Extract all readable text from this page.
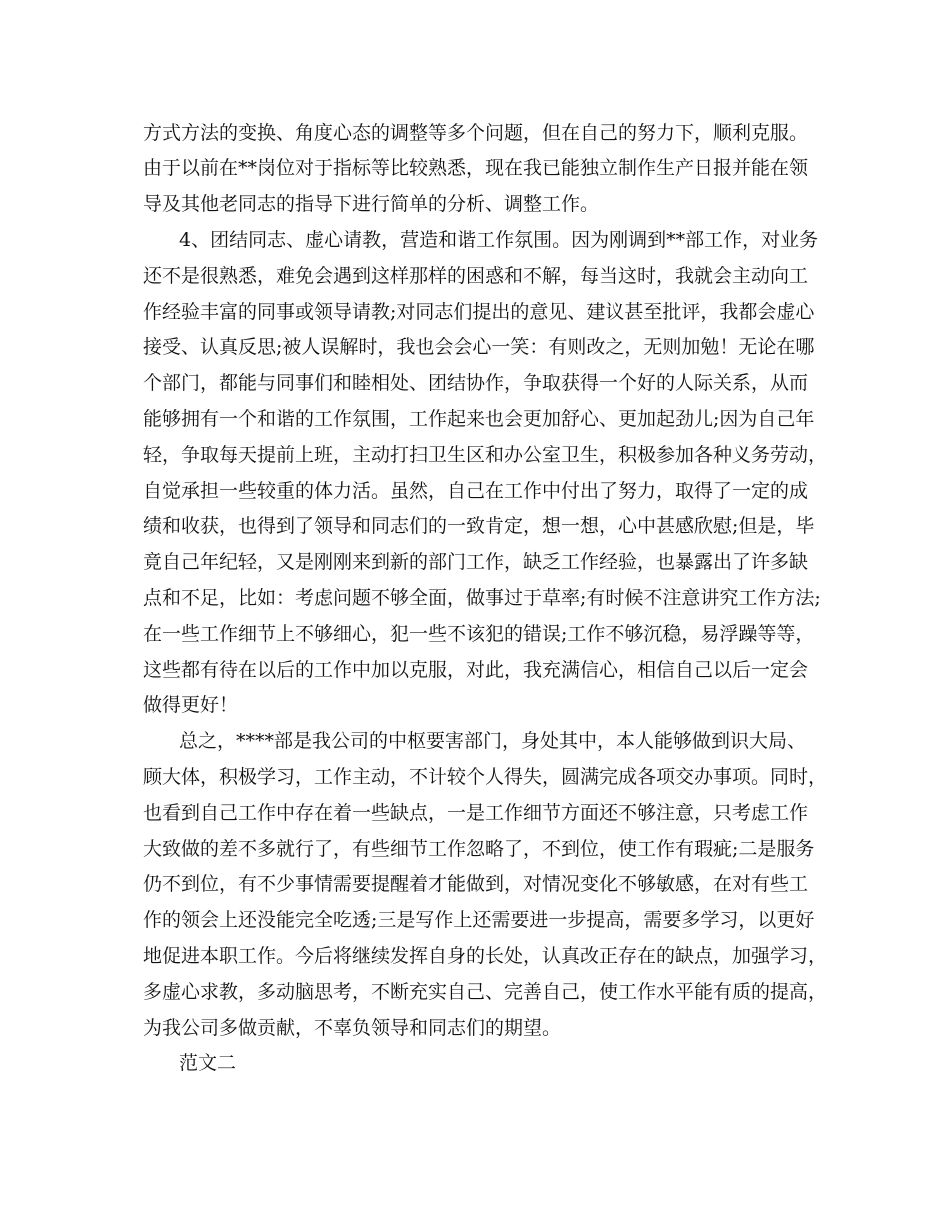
方式方法的变换、角度心态的调整等多个问题，但在自己的努力下，顺利克服。
由于以前在**岗位对于指标等比较熟悉，现在我已能独立制作生产日报并能在领
导及其他老同志的指导下进行简单的分析、调整工作。
4、团结同志、虚心请教，营造和谐工作氛围。因为刚调到**部工作，对业务
还不是很熟悉，难免会遇到这样那样的困惑和不解，每当这时，我就会主动向工
作经验丰富的同事或领导请教;对同志们提出的意见、建议甚至批评，我都会虚心
接受、认真反思;被人误解时，我也会会心一笑：有则改之，无则加勉！无论在哪
个部门，都能与同事们和睦相处、团结协作，争取获得一个好的人际关系，从而
能够拥有一个和谐的工作氛围，工作起来也会更加舒心、更加起劲儿;因为自己年
轻，争取每天提前上班，主动打扫卫生区和办公室卫生，积极参加各种义务劳动，
自觉承担一些较重的体力活。虽然，自己在工作中付出了努力，取得了一定的成
绩和收获，也得到了领导和同志们的一致肯定，想一想，心中甚感欣慰;但是，毕
竟自己年纪轻，又是刚刚来到新的部门工作，缺乏工作经验，也暴露出了许多缺
点和不足，比如：考虑问题不够全面，做事过于草率;有时候不注意讲究工作方法;
在一些工作细节上不够细心，犯一些不该犯的错误;工作不够沉稳，易浮躁等等，
这些都有待在以后的工作中加以克服，对此，我充满信心，相信自己以后一定会
做得更好！
总之，****部是我公司的中枢要害部门，身处其中，本人能够做到识大局、
顾大体，积极学习，工作主动，不计较个人得失，圆满完成各项交办事项。同时，
也看到自己工作中存在着一些缺点，一是工作细节方面还不够注意，只考虑工作
大致做的差不多就行了，有些细节工作忽略了，不到位，使工作有瑕疵;二是服务
仍不到位，有不少事情需要提醒着才能做到，对情况变化不够敏感，在对有些工
作的领会上还没能完全吃透;三是写作上还需要进一步提高，需要多学习，以更好
地促进本职工作。今后将继续发挥自身的长处，认真改正存在的缺点，加强学习，
多虚心求教，多动脑思考，不断充实自己、完善自己，使工作水平能有质的提高，
为我公司多做贡献，不辜负领导和同志们的期望。
范文二
